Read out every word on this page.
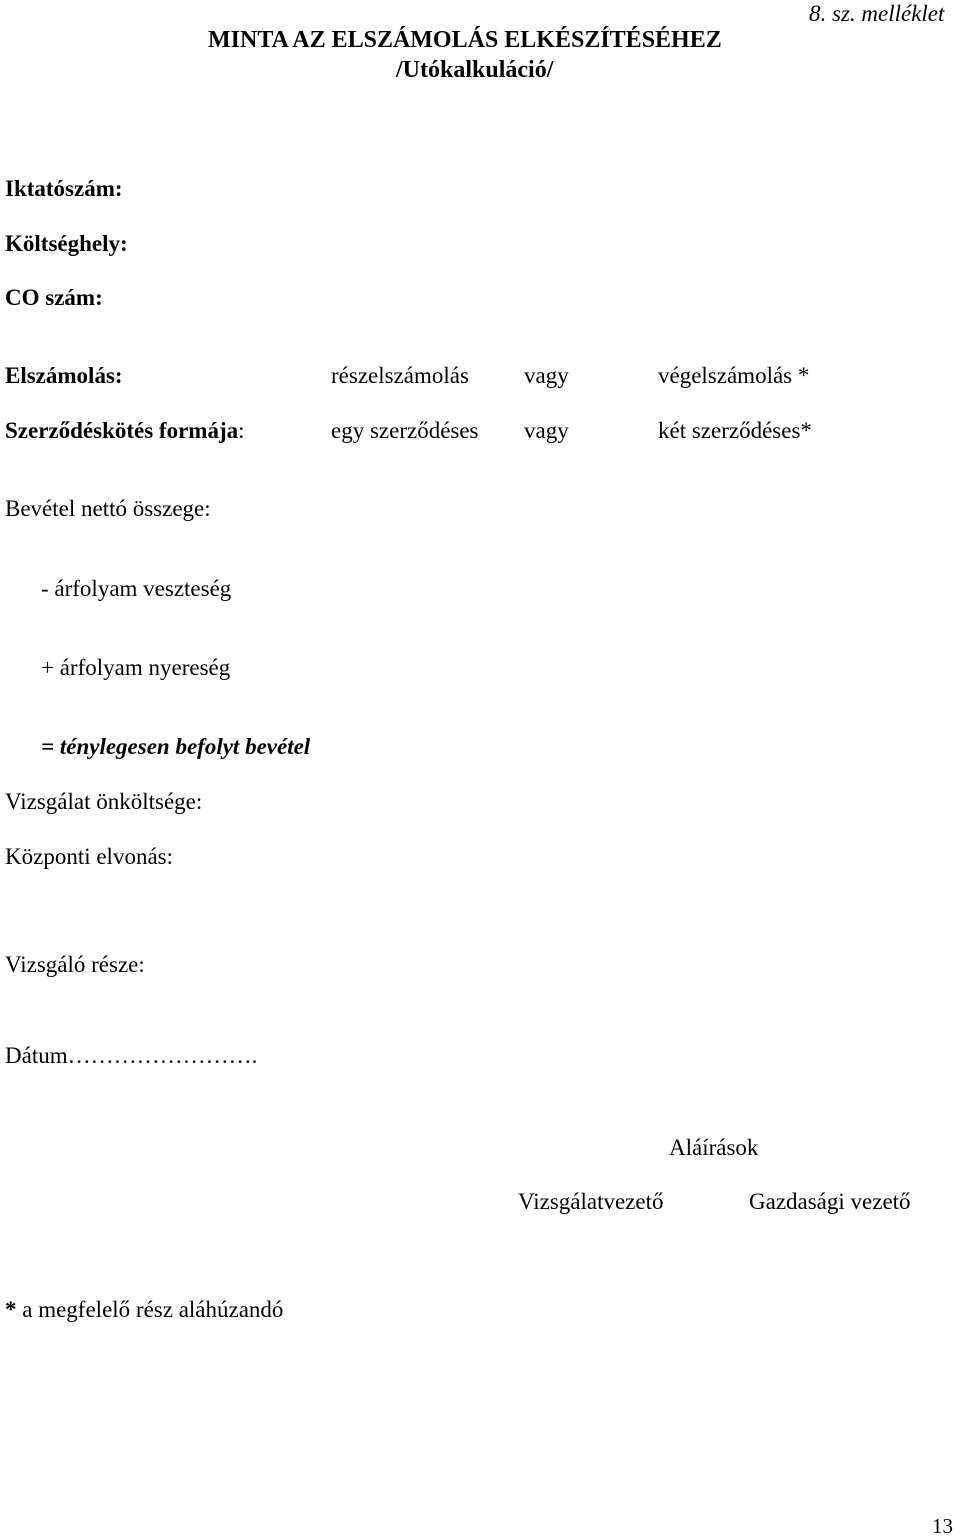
8. sz. melléklet
MINTA AZ ELSZÁMOLÁS ELKÉSZÍTÉSÉHEZ
/Utókalkuláció/
Iktatószám:
Költséghely:
CO szám:
Elszámolás:	részelszámolás vagy	végelszámolás *
Szerződéskötés formája:	egy szerződéses vagy	két szerződéses*
Bevétel nettó összege:
- árfolyam veszteség
+ árfolyam nyereség
= ténylegesen befolyt bevétel
Vizsgálat önköltsége:
Központi elvonás:
Vizsgáló része:
Dátum…………………….
Aláírások
Vizsgálatvezető	Gazdasági vezető
* a megfelelő rész aláhúzandó
13
